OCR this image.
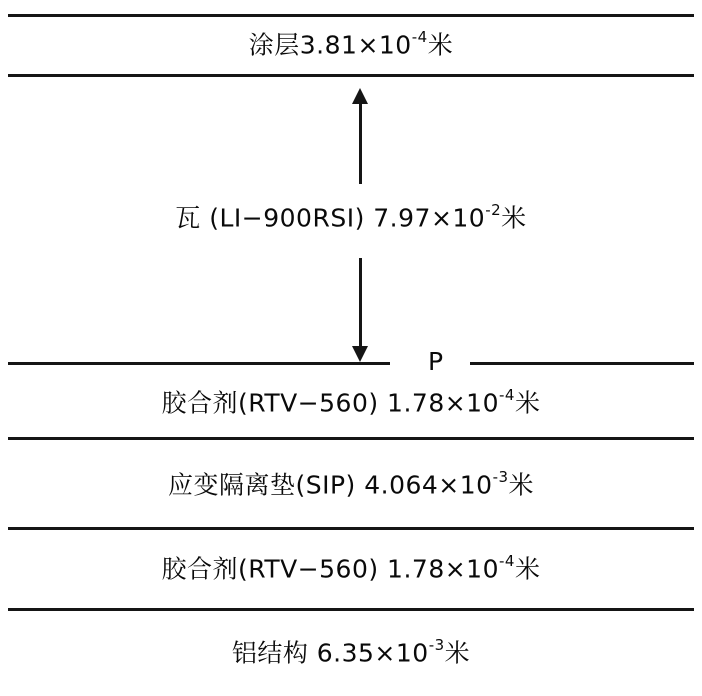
涂层$3.81\times 10^{-4}$米
瓦 (LI−900RSI) $7.97\times 10^{-2}$米
P
胶合剂(RTV−560) $1.78\times 10^{-4}$米
应变隔离垫(SIP) $4.064\times 10^{-3}$米
胶合剂(RTV−560) $1.78\times 10^{-4}$米
铝结构 $6.35\times 10^{-3}$米
